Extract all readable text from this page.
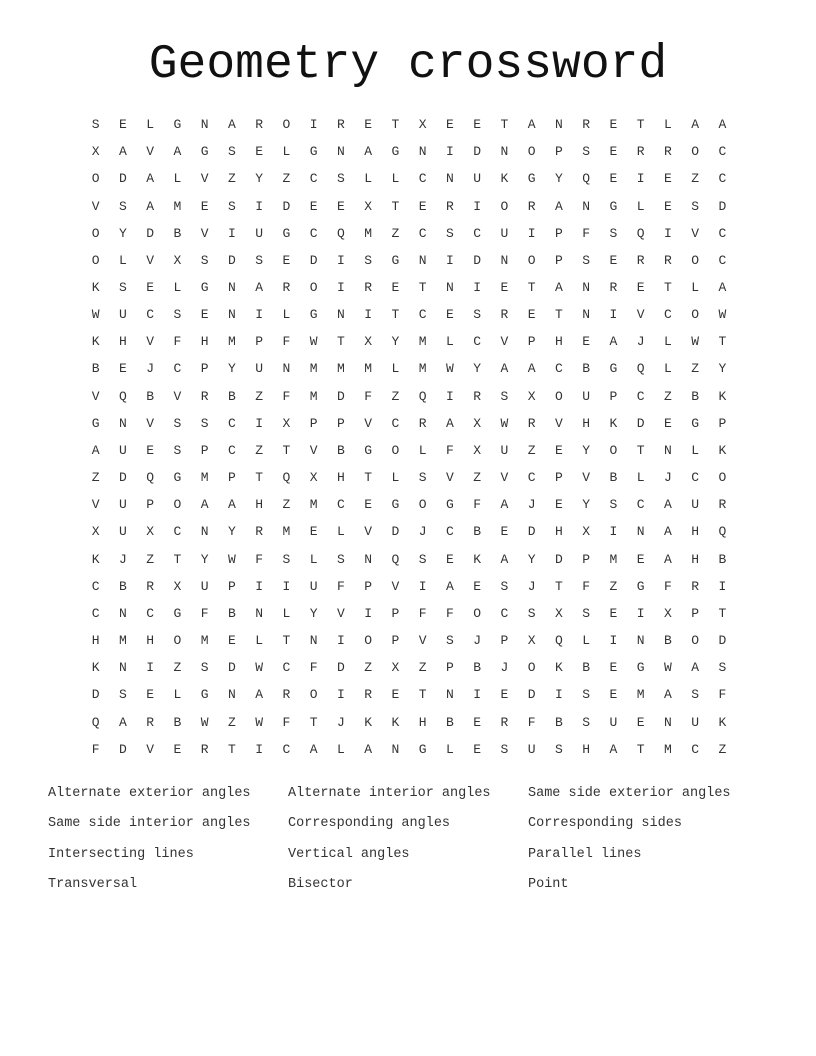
Geometry crossword
S	E	L	G	N	A	R	O	I	R	E	T	X	E	E	T	A	N	R	E	T	L	A	A
X	A	V	A	G	S	E	L	G	N	A	G	N	I	D	N	O	P	S	E	R	R	O	C
O	D	A	L	V	Z	Y	Z	C	S	L	L	C	N	U	K	G	Y	Q	E	I	E	Z	C
V	S	A	M	E	S	I	D	E	E	X	T	E	R	I	O	R	A	N	G	L	E	S	D
O	Y	D	B	V	I	U	G	C	Q	M	Z	C	S	C	U	I	P	F	S	Q	I	V	C
O	L	V	X	S	D	S	E	D	I	S	G	N	I	D	N	O	P	S	E	R	R	O	C
K	S	E	L	G	N	A	R	O	I	R	E	T	N	I	E	T	A	N	R	E	T	L	A
W	U	C	S	E	N	I	L	G	N	I	T	C	E	S	R	E	T	N	I	V	C	O	W
K	H	V	F	H	M	P	F	W	T	X	Y	M	L	C	V	P	H	E	A	J	L	W	T
B	E	J	C	P	Y	U	N	M	M	M	L	M	W	Y	A	A	C	B	G	Q	L	Z	Y
V	Q	B	V	R	B	Z	F	M	D	F	Z	Q	I	R	S	X	O	U	P	C	Z	B	K
G	N	V	S	S	C	I	X	P	P	V	C	R	A	X	W	R	V	H	K	D	E	G	P
A	U	E	S	P	C	Z	T	V	B	G	O	L	F	X	U	Z	E	Y	O	T	N	L	K
Z	D	Q	G	M	P	T	Q	X	H	T	L	S	V	Z	V	C	P	V	B	L	J	C	O
V	U	P	O	A	A	H	Z	M	C	E	G	O	G	F	A	J	E	Y	S	C	A	U	R
X	U	X	C	N	Y	R	M	E	L	V	D	J	C	B	E	D	H	X	I	N	A	H	Q
K	J	Z	T	Y	W	F	S	L	S	N	Q	S	E	K	A	Y	D	P	M	E	A	H	B
C	B	R	X	U	P	I	I	U	F	P	V	I	A	E	S	J	T	F	Z	G	F	R	I
C	N	C	G	F	B	N	L	Y	V	I	P	F	F	O	C	S	X	S	E	I	X	P	T
H	M	H	O	M	E	L	T	N	I	O	P	V	S	J	P	X	Q	L	I	N	B	O	D
K	N	I	Z	S	D	W	C	F	D	Z	X	Z	P	B	J	O	K	B	E	G	W	A	S
D	S	E	L	G	N	A	R	O	I	R	E	T	N	I	E	D	I	S	E	M	A	S	F
Q	A	R	B	W	Z	W	F	T	J	K	K	H	B	E	R	F	B	S	U	E	N	U	K
F	D	V	E	R	T	I	C	A	L	A	N	G	L	E	S	U	S	H	A	T	M	C	Z
Alternate exterior angles	Alternate interior angles	Same side exterior angles
Same side interior angles	Corresponding angles	Corresponding sides
Intersecting lines	Vertical angles	Parallel lines
Transversal	Bisector	Point
